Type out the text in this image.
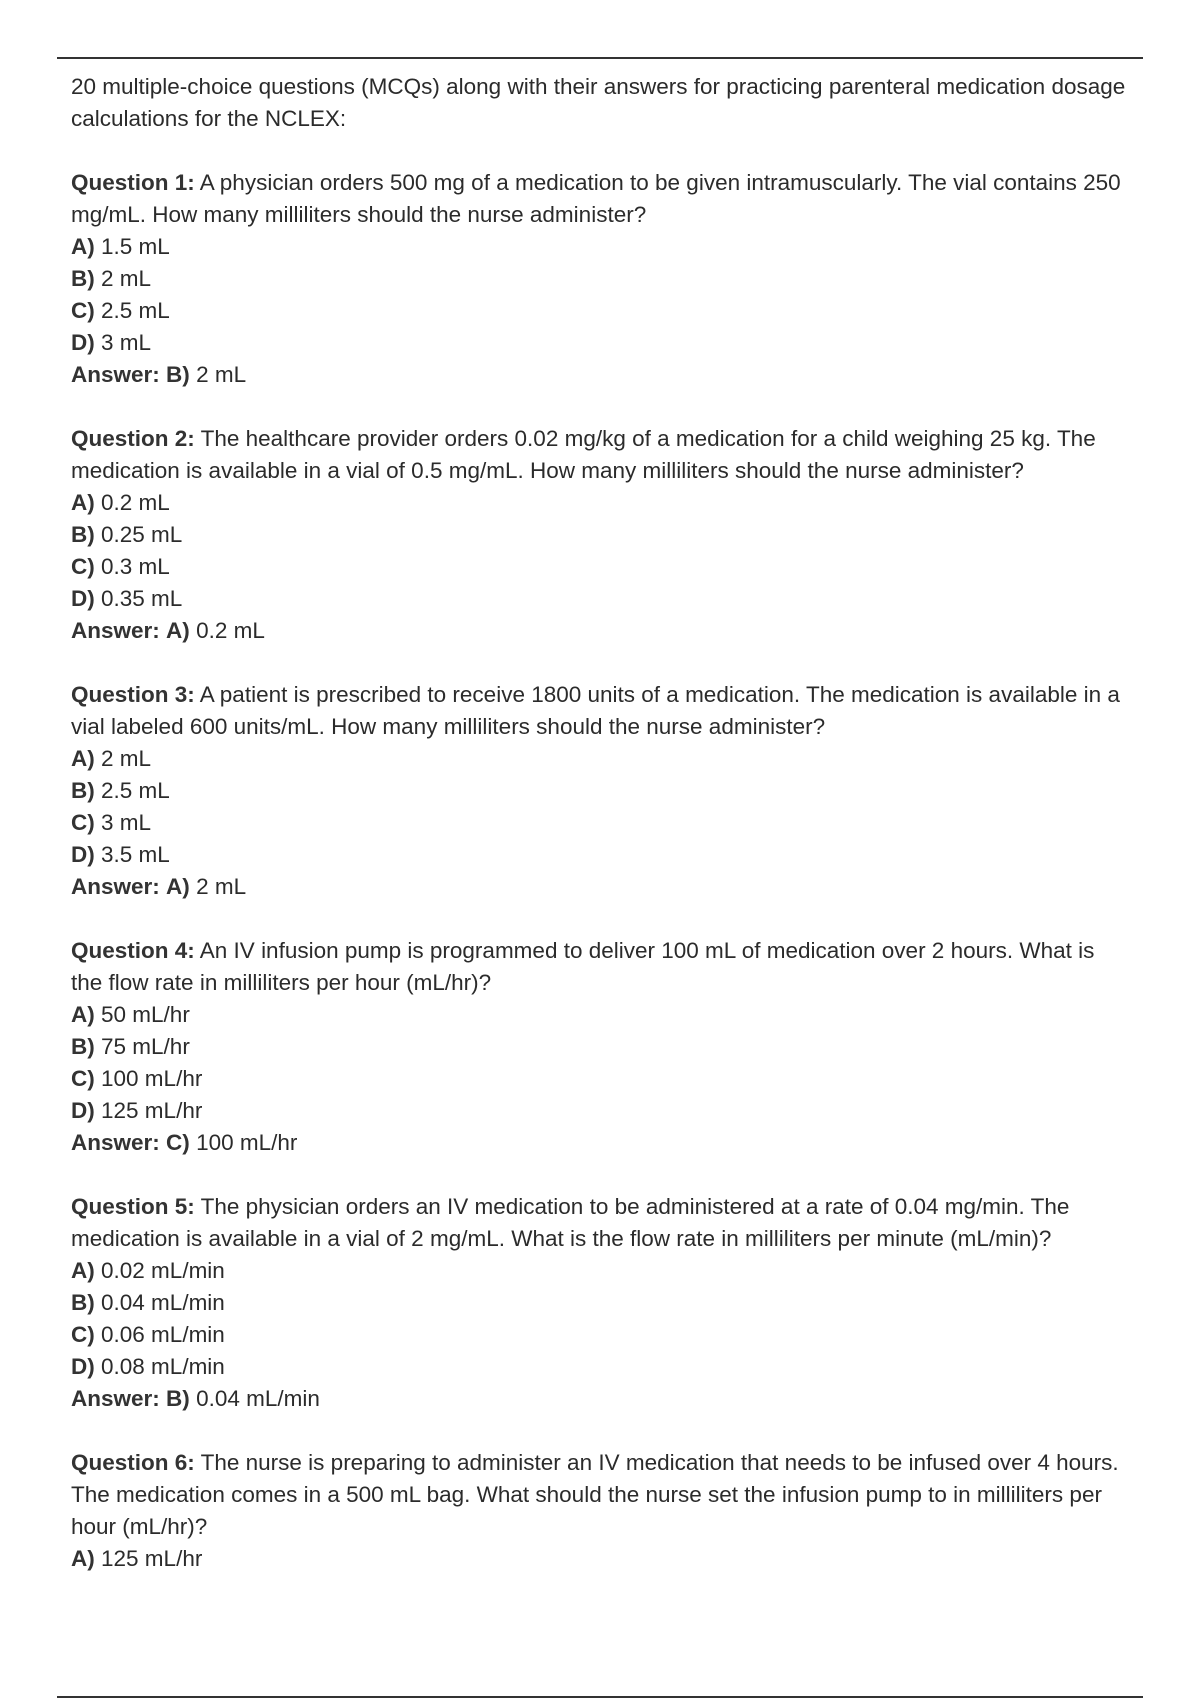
20 multiple-choice questions (MCQs) along with their answers for practicing parenteral medication dosage calculations for the NCLEX:

Question 1: A physician orders 500 mg of a medication to be given intramuscularly. The vial contains 250 mg/mL. How many milliliters should the nurse administer?

A) 1.5 mL

B) 2 mL

C) 2.5 mL

D) 3 mL

Answer: B) 2 mL

Question 2: The healthcare provider orders 0.02 mg/kg of a medication for a child weighing 25 kg. The medication is available in a vial of 0.5 mg/mL. How many milliliters should the nurse administer?

A) 0.2 mL

B) 0.25 mL

C) 0.3 mL

D) 0.35 mL

Answer: A) 0.2 mL

Question 3: A patient is prescribed to receive 1800 units of a medication. The medication is available in a vial labeled 600 units/mL. How many milliliters should the nurse administer?

A) 2 mL

B) 2.5 mL

C) 3 mL

D) 3.5 mL

Answer: A) 2 mL

Question 4: An IV infusion pump is programmed to deliver 100 mL of medication over 2 hours. What is the flow rate in milliliters per hour (mL/hr)?

A) 50 mL/hr

B) 75 mL/hr

C) 100 mL/hr

D) 125 mL/hr

Answer: C) 100 mL/hr

Question 5: The physician orders an IV medication to be administered at a rate of 0.04 mg/min. The medication is available in a vial of 2 mg/mL. What is the flow rate in milliliters per minute (mL/min)?

A) 0.02 mL/min

B) 0.04 mL/min

C) 0.06 mL/min

D) 0.08 mL/min

Answer: B) 0.04 mL/min

Question 6: The nurse is preparing to administer an IV medication that needs to be infused over 4 hours. The medication comes in a 500 mL bag. What should the nurse set the infusion pump to in milliliters per hour (mL/hr)?

A) 125 mL/hr
